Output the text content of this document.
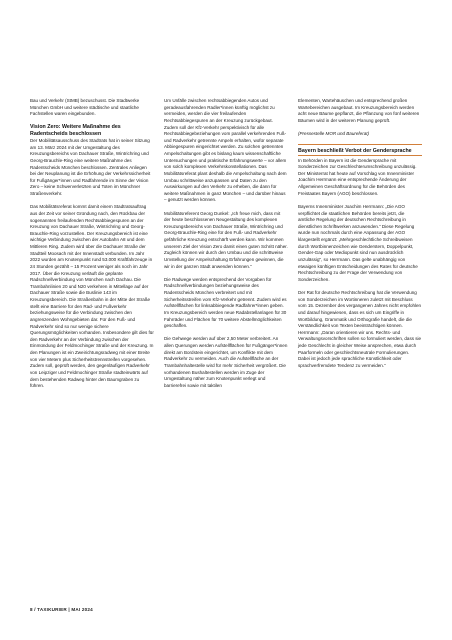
Bau und Verkehr (StMB) bezuschusst. Die Stadtwerke München GmbH und weitere städtische und staatliche Fachstellen waren eingebunden.

Vision Zero: Weitere Maßnahme des Radentscheids beschlossen

Der Mobilitätsausschuss des Stadtrats hat in seiner Sitzung am 13. März 2024 mit der Umgestaltung des Kreuzungsbereichs von Dachauer Straße, Wintrichring und Georg-Brauchle-Ring eine weitere Maßnahme des Radentscheids München beschlossen. Zentrales Anliegen bei der Neuplanung ist die Erhöhung der Verkehrssicherheit für Fußgänger*innen und Radfahrende im Sinne der Vision Zero – keine Schwerverletzten und Toten im Münchner Straßenverkehr.

Das Mobilitätsreferat kommt damit einem Stadtratsauftrag aus der Zeit vor seiner Gründung nach, den Rückbau der sogenannten freilaufenden Rechtsabbiegespuren an der Kreuzung von Dachauer Straße, Wintrichring und Georg-Brauchle-Ring vorzustellen. Der Kreuzungsbereich ist eine wichtige Verbindung zwischen der Autobahn A8 und dem Mittleren Ring. Zudem wird über die Dachauer Straße der Stadtteil Moosach mit der Innenstadt verbunden. Im Jahr 2022 wurden am Knotenpunkt rund 53.000 Kraftfahrzeuge in 24 Stunden gezählt – 15 Prozent weniger als noch im Jahr 2017. Über die Kreuzung verläuft die geplante Radschnellverbindung von München nach Dachau. Die Trambahnlinien 20 und N20 verkehren in Mittellage auf der Dachauer Straße sowie die Buslinie 143 im Kreuzungsbereich. Die Straßenbahn in der Mitte der Straße stellt eine Barriere für den Rad- und Fußverkehr beziehungsweise für die Verbindung zwischen den angrenzenden Wohngebieten dar. Für den Fuß- und Radverkehr sind so nur wenige sichere Querungsmöglichkeiten vorhanden. Insbesondere gilt dies für den Radverkehr an der Verbindung zwischen der Einmündung der Feldmochinger Straße und der Kreuzung. In den Planungen ist ein Zweirichtungsradweg mit einer Breite von vier Metern plus Sicherheitstrennstreifen vorgesehen. Zudem soll, geprüft werden, den gegenläufigen Radverkehr von Leipziger und Feldmochinger Straße stadteinwärts auf dem bestehenden Radweg hinter den Baumgraben zu führen.

Um Unfälle zwischen rechtsabbiegenden Autos und geradeausfahrenden Radler*innen künftig möglichst zu vermeiden, werden die vier freilaufenden Rechtsabbiegespuren an der Kreuzung zurückgebaut. Zudem soll der Kfz-Verkehr perspektivisch für alle Rechtsabbiegebeziehungen vom parallel verkehrenden Fuß- und Radverkehr getrennte Ampeln erhalten, wofür separate Abbiegespuren eingerichtet werden. Zu solchen getrennten Ampelschaltungen gibt es bislang kaum wissenschaftliche Untersuchungen und praktische Erfahrungswerte – vor allem von solch komplexen Verkehrskonstellationen. Das Mobilitätsreferat plant deshalb die Ampelschaltung nach dem Umbau schrittweise anzupassen und Daten zu den Auswirkungen auf den Verkehr zu erheben, die dann für weitere Maßnahmen in ganz München – und darüber hinaus – genutzt werden können.

Mobilitätsreferent Georg Dunkel: „Ich freue mich, dass mit der heute beschlossenen Neugestaltung des komplexen Kreuzungsbereichs von Dachauer Straße, Wintrichring und Georg-Brauchle-Ring eine für den Fuß- und Radverkehr gefährliche Kreuzung entschärft werden kann. Wir kommen unserem Ziel der Vision Zero damit einen guten Schritt näher. Zugleich können wir durch den Umbau und die schrittweise Umstellung der Ampelschaltung Erfahrungen gewinnen, die wir in der ganzen Stadt anwenden können.“

Die Radwege werden entsprechend der Vorgaben für Radschnellverbindungen beziehungsweise des Radentscheids München verbreitert und mit Sicherheitsstreifen vom Kfz-Verkehr getrennt. Zudem wird es Aufstellflächen für linksabbiegende Radfahrer*innen geben. Im Kreuzungsbereich werden neue Radabstellanlagen für 30 Fahrräder und Flächen für 70 weitere Abstellmöglichkeiten geschaffen.

Die Gehwege werden auf über 2,50 Meter verbreitert. An allen Querungen werden Aufstellflächen für Fußgänger*innen direkt am Bordstein eingerichtet, um Konflikte mit dem Radverkehr zu vermeiden. Auch die Aufstellfläche an der Trambahnhaltestelle wird für mehr Sicherheit vergrößert. Die vorhandenen Bushaltestellen werden im Zuge der Umgestaltung näher zum Knotenpunkt verlegt und barrierefrei sowie mit taktilen

Elementen, Wartehäuschen und entsprechend großen Wartebereichen ausgebaut. Im Kreuzungsbereich werden acht neue Bäume gepflanzt, die Pflanzung von fünf weiteren Bäumen wird in der weiteren Planung geprüft.

(Pressestelle MOR und Baureferat)

Bayern beschließt Verbot der Gendersprache

In Behörden in Bayern ist die Gendersprache mit Sonderzeichen zur Geschlechterumschreibung unzulässig. Der Ministerrat hat heute auf Vorschlag von Innenminister Joachim Herrmann eine entsprechende Änderung der Allgemeinen Geschäftsordnung für die Behörden des Freistaates Bayern (AGO) beschlossen.

Bayerns Innenminister Joachim Herrmann: „Die AGO verpflichtet die staatlichen Behörden bereits jetzt, die amtliche Regelung der deutschen Rechtschreibung in dienstlichen Schriftwerken anzuwenden.“ Diese Regelung wurde nun nochmals durch eine Anpassung der AGO klargestellt ergänzt: „Mehrgeschlechtliche Schreibweisen durch Wortbinnenzeichen wie Genderstern, Doppelpunkt, Gender-Gap oder Mediopunkt sind nun ausdrücklich unzulässig“, so Herrmann. Das gelte unabhängig von etwaigen künftigen Entscheidungen des Rates für deutsche Rechtschreibung zu der Frage der Verwendung von Sonderzeichen.

Der Rat für deutsche Rechtschreibung hat die Verwendung von Sonderzeichen im Wortinneren zuletzt mit Beschluss vom 15. Dezember des vergangenen Jahres nicht empfohlen und darauf hingewiesen, dass es sich um Eingriffe in Wortbildung, Grammatik und Orthografie handelt, die die Verständlichkeit von Texten beeinträchtigen können. Herrmann: „Daran orientieren wir uns. Rechts- und Verwaltungsvorschriften sollen so formuliert werden, dass sie jede Geschlecht in gleicher Weise ansprechen, etwa durch Paarformeln oder geschlechtsneutrale Formulierungen. Dabei ist jedoch jede sprachliche Künstlichkeit oder sprachverfremdete Tendenz zu vermeiden.“

8 / TAXIKURIER | MAI 2024
